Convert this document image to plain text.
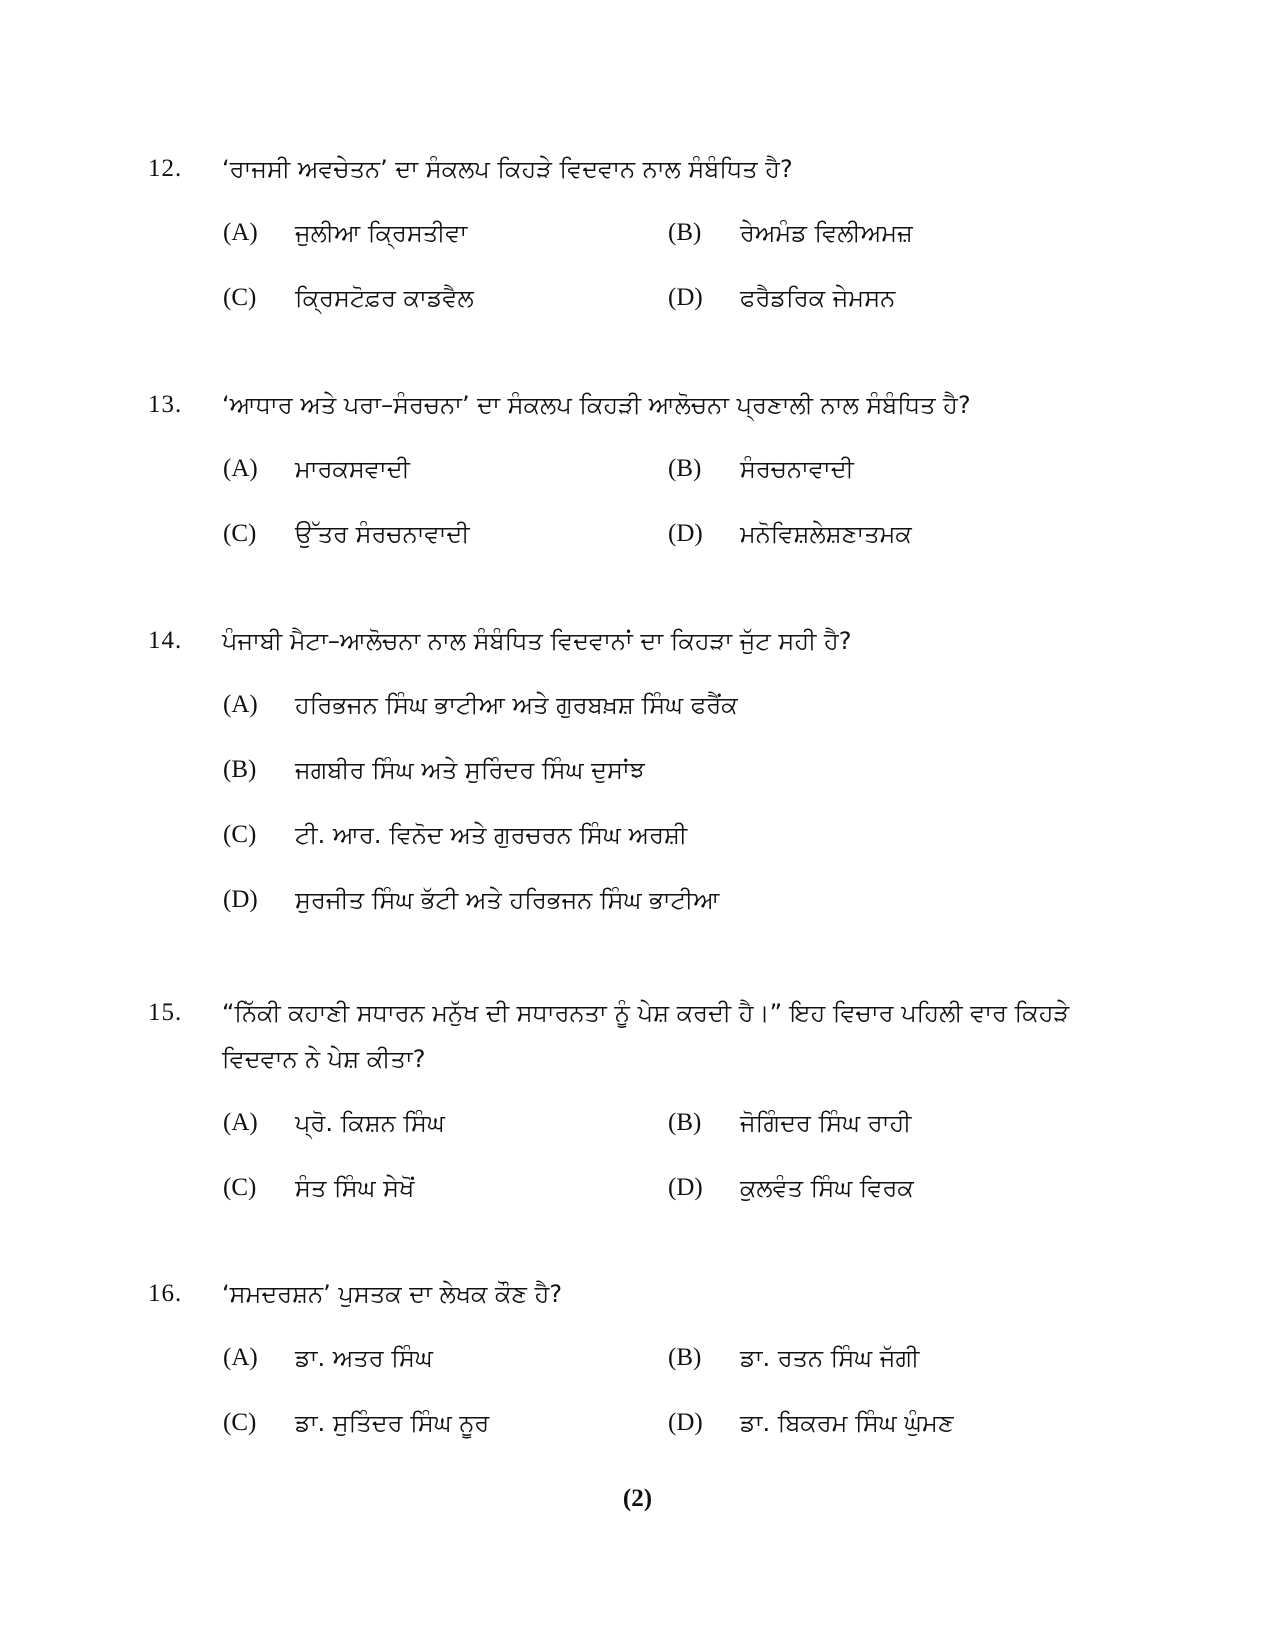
12. ‘ਰਾਜਸੀ ਅਵਚੇਤਨ’ ਦਾ ਸੰਕਲਪ ਕਿਹੜੇ ਵਿਦਵਾਨ ਨਾਲ ਸੰਬੰਧਿਤ ਹੈ?
(A) ਜੁਲੀਆ ਕ੍ਰਿਸਤੀਵਾ	(B) ਰੇਅਮੰਡ ਵਿਲੀਅਮਜ਼
(C) ਕ੍ਰਿਸਟੋਫ਼ਰ ਕਾਡਵੈਲ	(D) ਫਰੈਡਰਿਕ ਜੇਮਸਨ
13. ‘ਆਧਾਰ ਅਤੇ ਪਰਾ–ਸੰਰਚਨਾ’ ਦਾ ਸੰਕਲਪ ਕਿਹੜੀ ਆਲੋਚਨਾ ਪ੍ਰਣਾਲੀ ਨਾਲ ਸੰਬੰਧਿਤ ਹੈ?
(A) ਮਾਰਕਸਵਾਦੀ	(B) ਸੰਰਚਨਾਵਾਦੀ
(C) ਉੱਤਰ ਸੰਰਚਨਾਵਾਦੀ	(D) ਮਨੋਵਿਸ਼ਲੇਸ਼ਣਾਤਮਕ
14. ਪੰਜਾਬੀ ਮੈਟਾ–ਆਲੋਚਨਾ ਨਾਲ ਸੰਬੰਧਿਤ ਵਿਦਵਾਨਾਂ ਦਾ ਕਿਹੜਾ ਜੁੱਟ ਸਹੀ ਹੈ?
(A) ਹਰਿਭਜਨ ਸਿੰਘ ਭਾਟੀਆ ਅਤੇ ਗੁਰਬਖ਼ਸ਼ ਸਿੰਘ ਫਰੈਂਕ
(B) ਜਗਬੀਰ ਸਿੰਘ ਅਤੇ ਸੁਰਿੰਦਰ ਸਿੰਘ ਦੁਸਾਂਝ
(C) ਟੀ. ਆਰ. ਵਿਨੋਦ ਅਤੇ ਗੁਰਚਰਨ ਸਿੰਘ ਅਰਸ਼ੀ
(D) ਸੁਰਜੀਤ ਸਿੰਘ ਭੱਟੀ ਅਤੇ ਹਰਿਭਜਨ ਸਿੰਘ ਭਾਟੀਆ
15. “ਨਿੱਕੀ ਕਹਾਣੀ ਸਧਾਰਨ ਮਨੁੱਖ ਦੀ ਸਧਾਰਨਤਾ ਨੂੰ ਪੇਸ਼ ਕਰਦੀ ਹੈ।” ਇਹ ਵਿਚਾਰ ਪਹਿਲੀ ਵਾਰ ਕਿਹੜੇ ਵਿਦਵਾਨ ਨੇ ਪੇਸ਼ ਕੀਤਾ?
(A) ਪ੍ਰੋ. ਕਿਸ਼ਨ ਸਿੰਘ	(B) ਜੋਗਿੰਦਰ ਸਿੰਘ ਰਾਹੀ
(C) ਸੰਤ ਸਿੰਘ ਸੇਖੋਂ	(D) ਕੁਲਵੰਤ ਸਿੰਘ ਵਿਰਕ
16. ‘ਸਮਦਰਸ਼ਨ’ ਪੁਸਤਕ ਦਾ ਲੇਖਕ ਕੌਣ ਹੈ?
(A) ਡਾ. ਅਤਰ ਸਿੰਘ	(B) ਡਾ. ਰਤਨ ਸਿੰਘ ਜੱਗੀ
(C) ਡਾ. ਸੁਤਿੰਦਰ ਸਿੰਘ ਨੂਰ	(D) ਡਾ. ਬਿਕਰਮ ਸਿੰਘ ਘੁੰਮਣ
(2)
